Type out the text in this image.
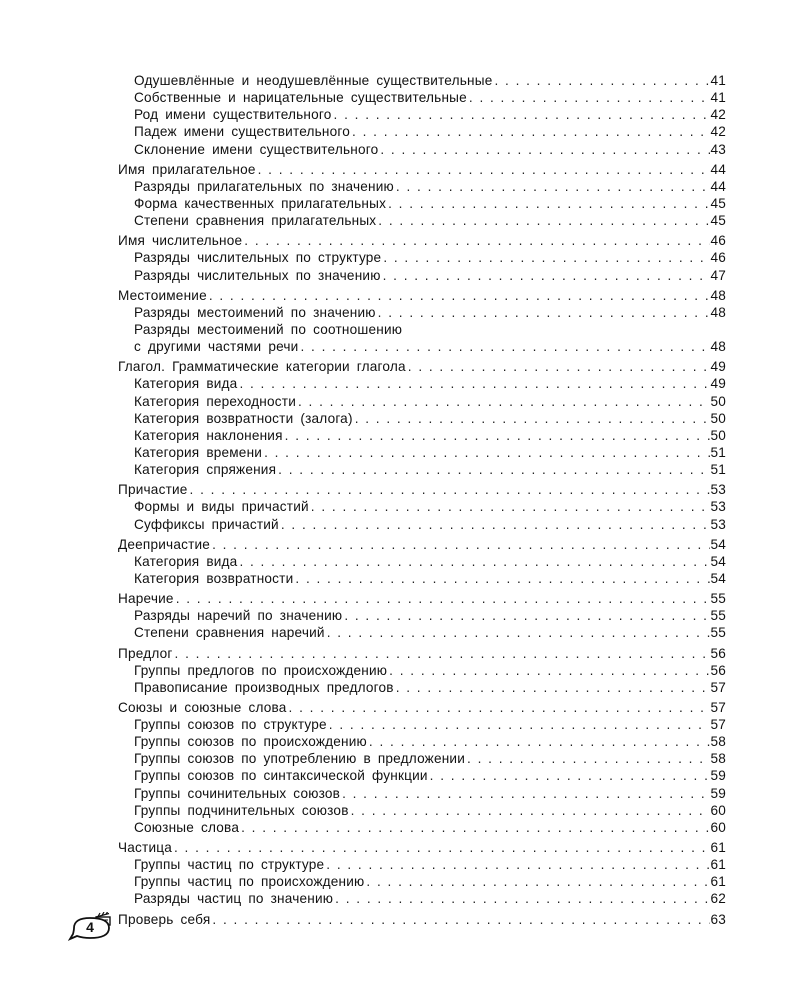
Одушевлённые и неодушевлённые существительные . . .	41
Собственные и нарицательные существительные . . .	41
Род имени существительного . . .	42
Падеж имени существительного . . .	42
Склонение имени существительного . . .	43
Имя прилагательное . . .	44
Разряды прилагательных по значению . . .	44
Форма качественных прилагательных . . .	45
Степени сравнения прилагательных . . .	45
Имя числительное . . .	46
Разряды числительных по структуре . . .	46
Разряды числительных по значению . . .	47
Местоимение . . .	48
Разряды местоимений по значению . . .	48
Разряды местоимений по соотношению
с другими частями речи . . .	48
Глагол. Грамматические категории глагола . . .	49
Категория вида . . .	49
Категория переходности . . .	50
Категория возвратности (залога) . . .	50
Категория наклонения . . .	50
Категория времени . . .	51
Категория спряжения . . .	51
Причастие . . .	53
Формы и виды причастий . . .	53
Суффиксы причастий . . .	53
Деепричастие . . .	54
Категория вида . . .	54
Категория возвратности . . .	54
Наречие . . .	55
Разряды наречий по значению . . .	55
Степени сравнения наречий . . .	55
Предлог . . .	56
Группы предлогов по происхождению . . .	56
Правописание производных предлогов . . .	57
Союзы и союзные слова . . .	57
Группы союзов по структуре . . .	57
Группы союзов по происхождению . . .	58
Группы союзов по употреблению в предложении . . .	58
Группы союзов по синтаксической функции . . .	59
Группы сочинительных союзов . . .	59
Группы подчинительных союзов . . .	60
Союзные слова . . .	60
Частица . . .	61
Группы частиц по структуре . . .	61
Группы частиц по происхождению . . .	61
Разряды частиц по значению . . .	62
Проверь себя . . .	63
4
